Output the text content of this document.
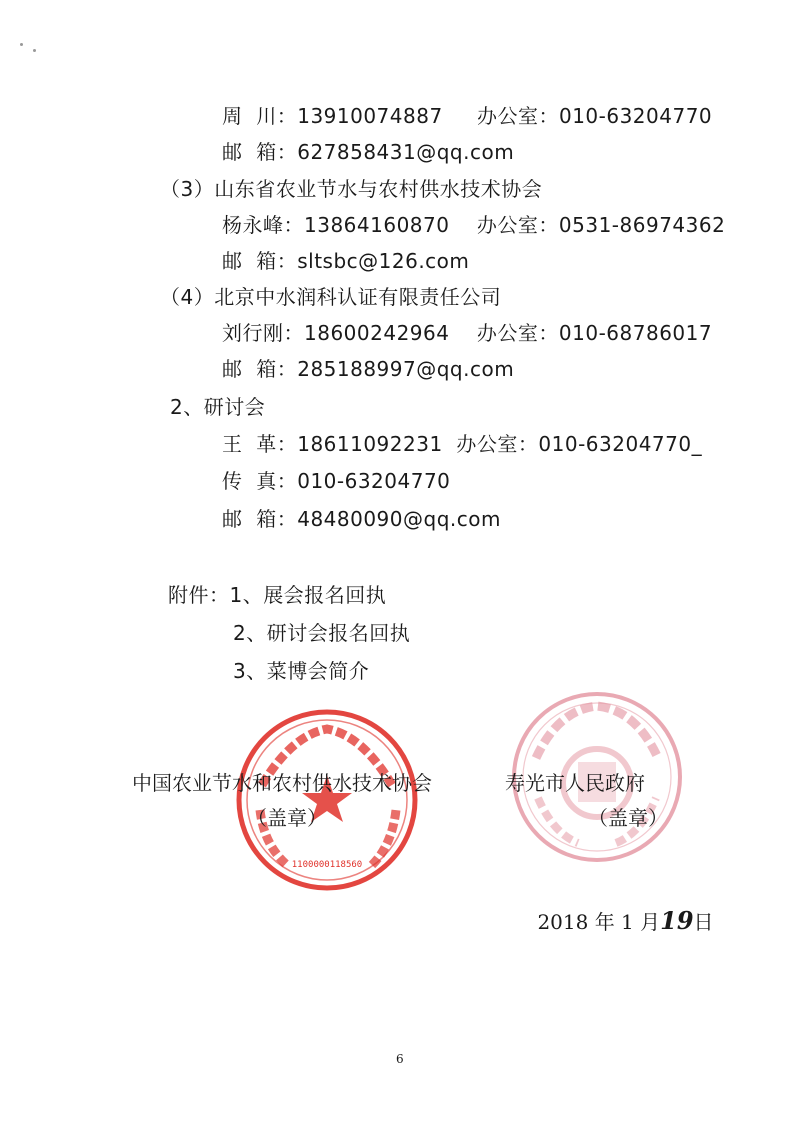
1100000118560
周  川：13910074887     办公室：010-63204770
邮  箱：627858431@qq.com
（3）山东省农业节水与农村供水技术协会
杨永峰：13864160870    办公室：0531-86974362
邮  箱：sltsbc@126.com
（4）北京中水润科认证有限责任公司
刘行刚：18600242964    办公室：010-68786017
邮  箱：285188997@qq.com
2、研讨会
王  革：18611092231  办公室：010-63204770_
传  真：010-63204770
邮  箱：48480090@qq.com
附件：1、展会报名回执
2、研讨会报名回执
3、菜博会简介
中国农业节水和农村供水技术协会
（盖章）
寿光市人民政府
（盖章）

2018 年 1 月19日

6
